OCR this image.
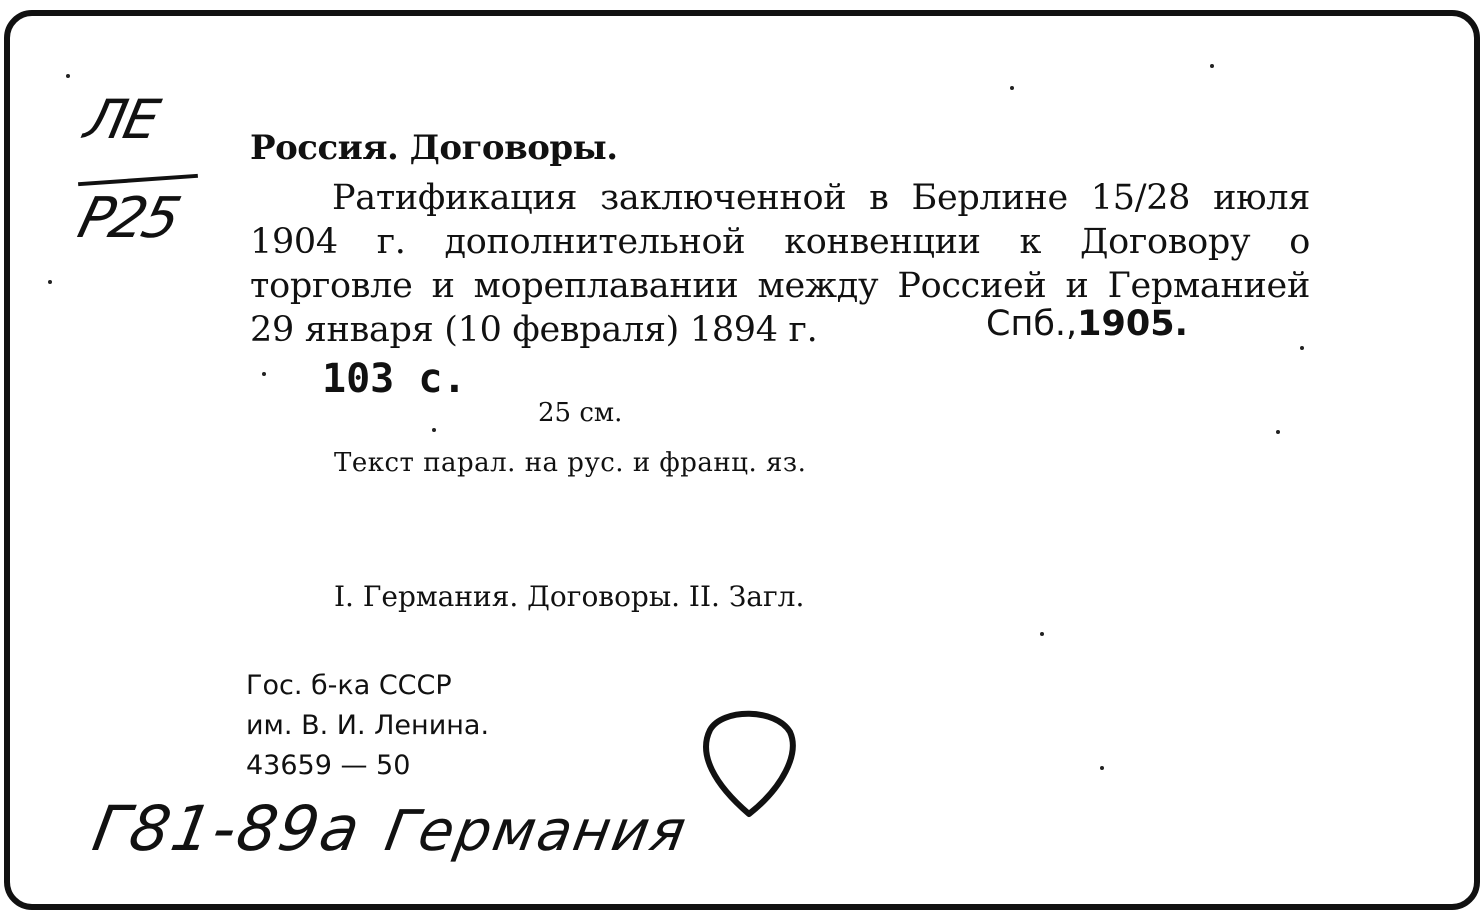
ЛЕ
Р25
Россия. Договоры.
Ратификация заключенной в Берлине 15/28 июля 1904 г. дополнительной конвенции к Договору о торговле и мореплавании между Россией и Германией 29 января (10 февраля) 1894 г.	Спб.,1905.
103 с.
25 см.
Текст парал. на рус. и франц. яз.
I. Германия. Договоры. II. Загл.
Гос. б-ка СССР
им. В. И. Ленина.
43659 — 50
Г81-89a Германия
